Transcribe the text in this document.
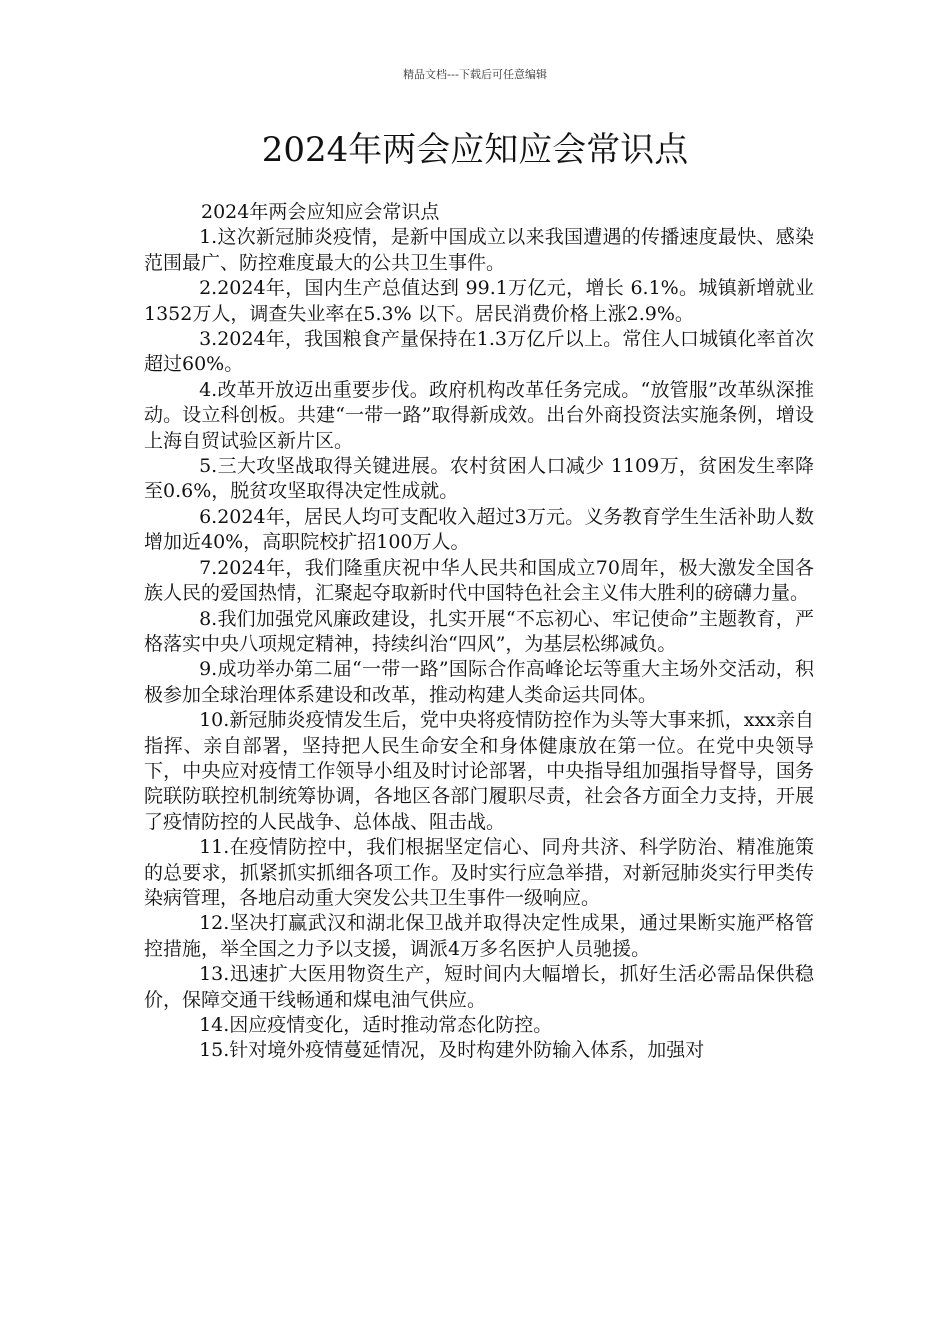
精品文档---下载后可任意编辑
2024年两会应知应会常识点

2024年两会应知应会常识点

1.这次新冠肺炎疫情，是新中国成立以来我国遭遇的传播速度最快、感染范围最广、防控难度最大的公共卫生事件。

2.2024年，国内生产总值达到 99.1万亿元，增长 6.1%。城镇新增就业1352万人，调查失业率在5.3% 以下。居民消费价格上涨2.9%。

3.2024年，我国粮食产量保持在1.3万亿斤以上。常住人口城镇化率首次超过60%。

4.改革开放迈出重要步伐。政府机构改革任务完成。“放管服”改革纵深推动。设立科创板。共建“一带一路”取得新成效。出台外商投资法实施条例，增设上海自贸试验区新片区。

5.三大攻坚战取得关键进展。农村贫困人口减少 1109万，贫困发生率降至0.6%，脱贫攻坚取得决定性成就。

6.2024年，居民人均可支配收入超过3万元。义务教育学生生活补助人数增加近40%，高职院校扩招100万人。

7.2024年，我们隆重庆祝中华人民共和国成立70周年，极大激发全国各族人民的爱国热情，汇聚起夺取新时代中国特色社会主义伟大胜利的磅礴力量。

8.我们加强党风廉政建设，扎实开展“不忘初心、牢记使命”主题教育，严格落实中央八项规定精神，持续纠治“四风”，为基层松绑减负。

9.成功举办第二届“一带一路”国际合作高峰论坛等重大主场外交活动，积极参加全球治理体系建设和改革，推动构建人类命运共同体。

10.新冠肺炎疫情发生后，党中央将疫情防控作为头等大事来抓，xxx亲自指挥、亲自部署，坚持把人民生命安全和身体健康放在第一位。在党中央领导下，中央应对疫情工作领导小组及时讨论部署，中央指导组加强指导督导，国务院联防联控机制统筹协调，各地区各部门履职尽责，社会各方面全力支持，开展了疫情防控的人民战争、总体战、阻击战。

11.在疫情防控中，我们根据坚定信心、同舟共济、科学防治、精准施策的总要求，抓紧抓实抓细各项工作。及时实行应急举措，对新冠肺炎实行甲类传染病管理，各地启动重大突发公共卫生事件一级响应。

12.坚决打赢武汉和湖北保卫战并取得决定性成果，通过果断实施严格管控措施，举全国之力予以支援，调派4万多名医护人员驰援。

13.迅速扩大医用物资生产，短时间内大幅增长，抓好生活必需品保供稳价，保障交通干线畅通和煤电油气供应。

14.因应疫情变化，适时推动常态化防控。

15.针对境外疫情蔓延情况，及时构建外防输入体系，加强对
